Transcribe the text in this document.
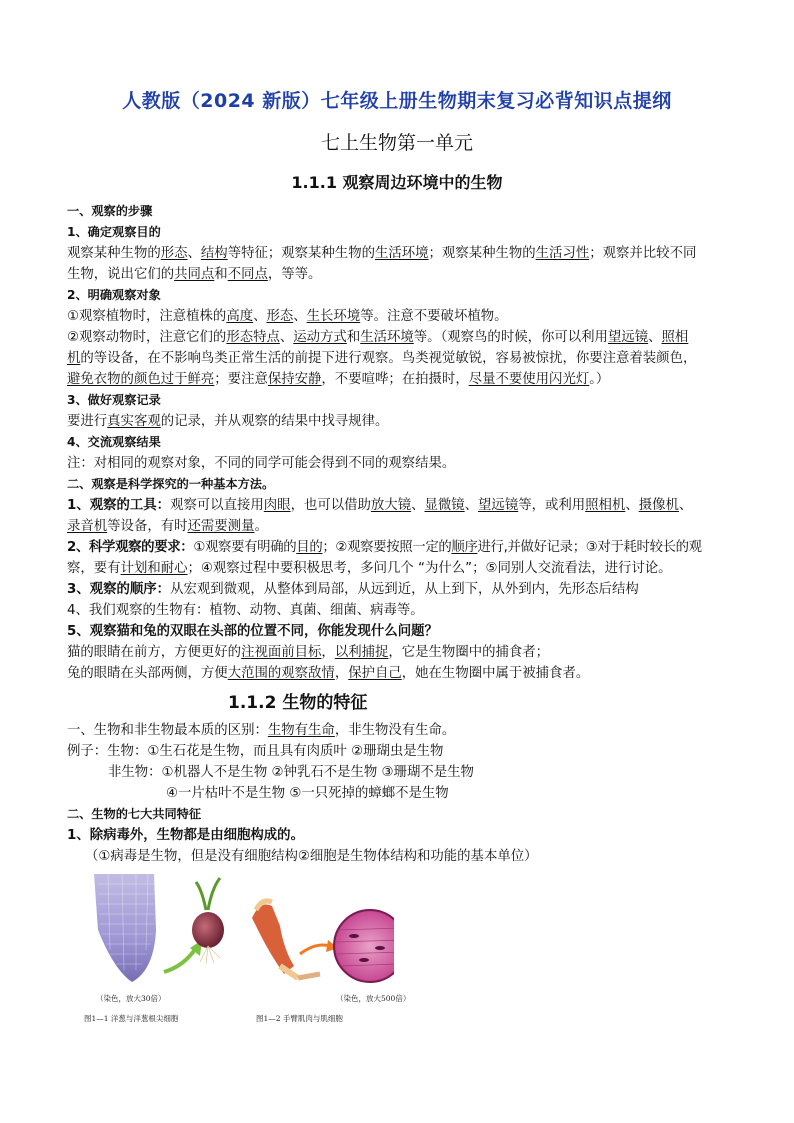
人教版（2024 新版）七年级上册生物期末复习必背知识点提纲
七上生物第一单元
1.1.1 观察周边环境中的生物

一、观察的步骤

1、确定观察目的

观察某种生物的形态、结构等特征；观察某种生物的生活环境；观察某种生物的生活习性；观察并比较不同

生物，说出它们的共同点和不同点，等等。

2、明确观察对象

①观察植物时，注意植株的高度、形态、生长环境等。注意不要破坏植物。

②观察动物时，注意它们的形态特点、运动方式和生活环境等。（观察鸟的时候，你可以利用望远镜、照相

机的等设备，在不影响鸟类正常生活的前提下进行观察。鸟类视觉敏锐，容易被惊扰，你要注意着装颜色，

避免衣物的颜色过于鲜亮；要注意保持安静，不要喧哗；在拍摄时，尽量不要使用闪光灯。）

3、做好观察记录

要进行真实客观的记录，并从观察的结果中找寻规律。

4、交流观察结果

注：对相同的观察对象，不同的同学可能会得到不同的观察结果。

二、观察是科学探究的一种基本方法。

1、观察的工具：观察可以直接用肉眼，也可以借助放大镜、显微镜、望远镜等，或利用照相机、摄像机、

录音机等设备，有时还需要测量。

2、科学观察的要求：①观察要有明确的目的；②观察要按照一定的顺序进行,并做好记录；③对于耗时较长的观

察，要有计划和耐心；④观察过程中要积极思考，多问几个 “为什么”；⑤同别人交流看法，进行讨论。

3、观察的顺序：从宏观到微观，从整体到局部，从远到近，从上到下，从外到内，先形态后结构

4、我们观察的生物有：植物、动物、真菌、细菌、病毒等。

5、观察猫和兔的双眼在头部的位置不同，你能发现什么问题？

猫的眼睛在前方，方便更好的注视面前目标，以利捕捉，它是生物圈中的捕食者；

兔的眼睛在头部两侧，方便大范围的观察敌情，保护自己，她在生物圈中属于被捕食者。

1.1.2 生物的特征

一、生物和非生物最本质的区别：生物有生命，非生物没有生命。

例子：生物：①生石花是生物，而且具有肉质叶 ②珊瑚虫是生物

非生物：①机器人不是生物 ②钟乳石不是生物 ③珊瑚不是生物

④一片枯叶不是生物 ⑤一只死掉的蟑螂不是生物

二、生物的七大共同特征

1、除病毒外，生物都是由细胞构成的。

（①病毒是生物，但是没有细胞结构②细胞是生物体结构和功能的基本单位）

（染色，放大30倍）
图1—1 洋葱与洋葱根尖细胞
（染色，放大500倍）
图1—2 手臂肌肉与肌细胞
